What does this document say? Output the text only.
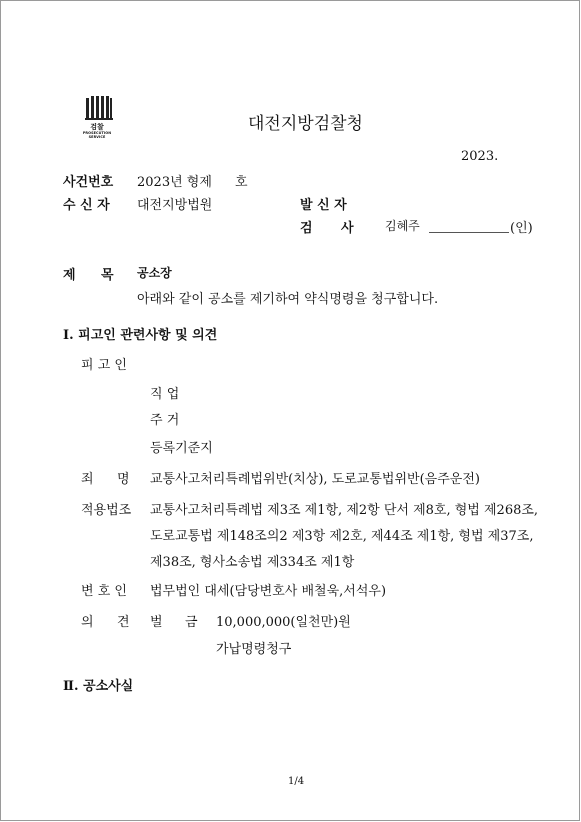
검찰
PROSECUTION SERVICE
대전지방검찰청
2023.
사건번호 2023년 형제 호
수 신 자 대전지방법원	발 신 자
검 사	김혜주	(인)
제 목 공소장
아래와 같이 공소를 제기하여 약식명령을 청구합니다.
Ⅰ. 피고인 관련사항 및 의견
피 고 인
직 업
주 거
등록기준지
죄 명 교통사고처리특례법위반(치상), 도로교통법위반(음주운전)
적용법조 교통사고처리특례법 제3조 제1항, 제2항 단서 제8호, 형법 제268조,
도로교통법 제148조의2 제3항 제2호, 제44조 제1항, 형법 제37조,
제38조, 형사소송법 제334조 제1항
변 호 인 법무법인 대세(담당변호사 배철욱,서석우)
의 견 벌 금 10,000,000(일천만)원
가납명령청구
Ⅱ. 공소사실
1/4
